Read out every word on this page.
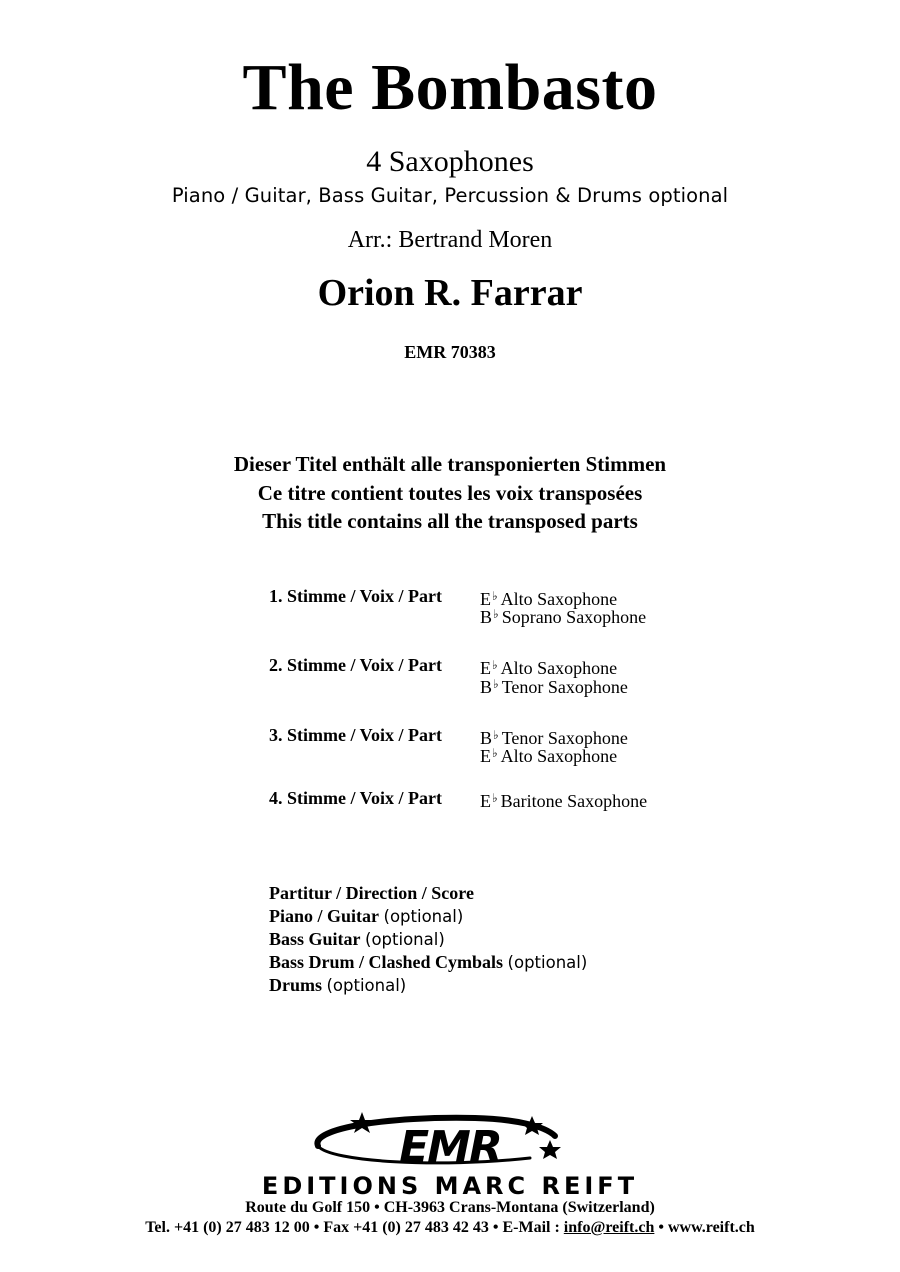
The Bombasto
4 Saxophones
Piano / Guitar, Bass Guitar, Percussion & Drums optional
Arr.: Bertrand Moren
Orion R. Farrar
EMR 70383
Dieser Titel enthält alle transponierten Stimmen
Ce titre contient toutes les voix transposées
This title contains all the transposed parts
1. Stimme / Voix / Part E♭ Alto Saxophone
B♭ Soprano Saxophone
2. Stimme / Voix / Part E♭ Alto Saxophone
B♭ Tenor Saxophone
3. Stimme / Voix / Part B♭ Tenor Saxophone
E♭ Alto Saxophone
4. Stimme / Voix / Part E♭ Baritone Saxophone
Partitur / Direction / Score
Piano / Guitar (optional)
Bass Guitar (optional)
Bass Drum / Clashed Cymbals (optional)
Drums (optional)
EMR
EDITIONS MARC REIFT
Route du Golf 150 • CH-3963 Crans-Montana (Switzerland)
Tel. +41 (0) 27 483 12 00 • Fax +41 (0) 27 483 42 43 • E-Mail : info@reift.ch • www.reift.ch
